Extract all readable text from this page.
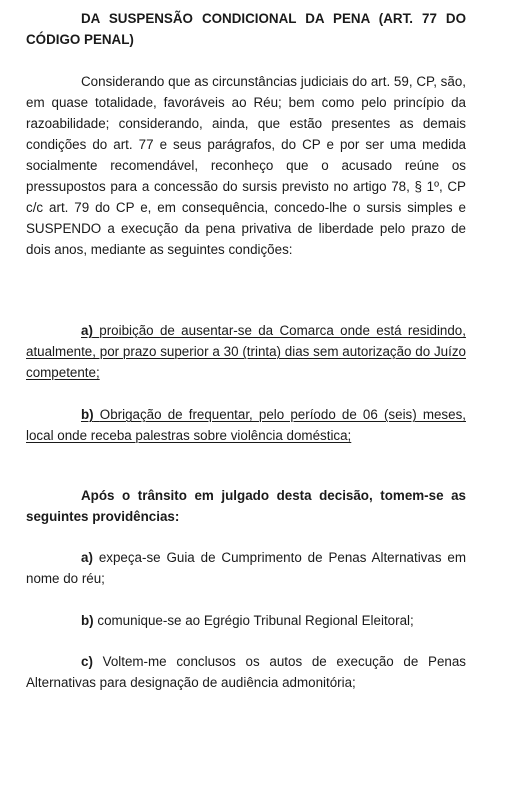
DA SUSPENSÃO CONDICIONAL DA PENA (ART. 77 DO CÓDIGO PENAL)

Considerando que as circunstâncias judiciais do art. 59, CP, são, em quase totalidade, favoráveis ao Réu; bem como pelo princípio da razoabilidade; considerando, ainda, que estão presentes as demais condições do art. 77 e seus parágrafos, do CP e por ser uma medida socialmente recomendável, reconheço que o acusado reúne os pressupostos para a concessão do sursis previsto no artigo 78, § 1º, CP c/c art. 79 do CP e, em consequência, concedo-lhe o sursis simples e SUSPENDO a execução da pena privativa de liberdade pelo prazo de dois anos, mediante as seguintes condições:

a) proibição de ausentar-se da Comarca onde está residindo, atualmente, por prazo superior a 30 (trinta) dias sem autorização do Juízo competente;

b) Obrigação de frequentar, pelo período de 06 (seis) meses, local onde receba palestras sobre violência doméstica;

Após o trânsito em julgado desta decisão, tomem-se as seguintes providências:

a) expeça-se Guia de Cumprimento de Penas Alternativas em nome do réu;

b) comunique-se ao Egrégio Tribunal Regional Eleitoral;

c) Voltem-me conclusos os autos de execução de Penas Alternativas para designação de audiência admonitória;
